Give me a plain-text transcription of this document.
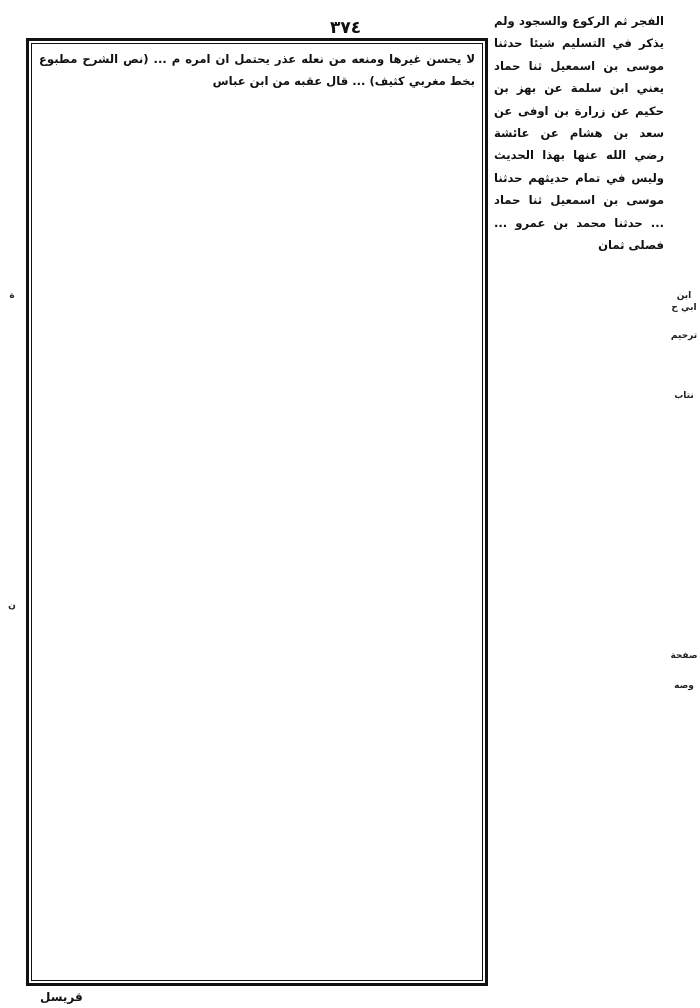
٣٧٤

لا يحسن غيرها ومنعه من نعله عذر يحتمل ان امره م ... (نص الشرح مطبوع بخط مغربي كثيف) ... قال عقبه من ابن عباس

الفجر ثم الركوع والسجود ولم يذكر في التسليم شيئا حدثنا موسى بن اسمعيل ثنا حماد يعني ابن سلمة عن بهز بن حكيم عن زرارة بن اوفى عن سعد بن هشام عن عائشة رضي الله عنها بهذا الحديث وليس في تمام حديثهم حدثنا موسى بن اسمعيل ثنا حماد ... حدثنا محمد بن عمرو ... فصلى ثمان

ابن ابي ح
ترحيم
نتاب
صفحة
وصه
ة
ن
قريسل
